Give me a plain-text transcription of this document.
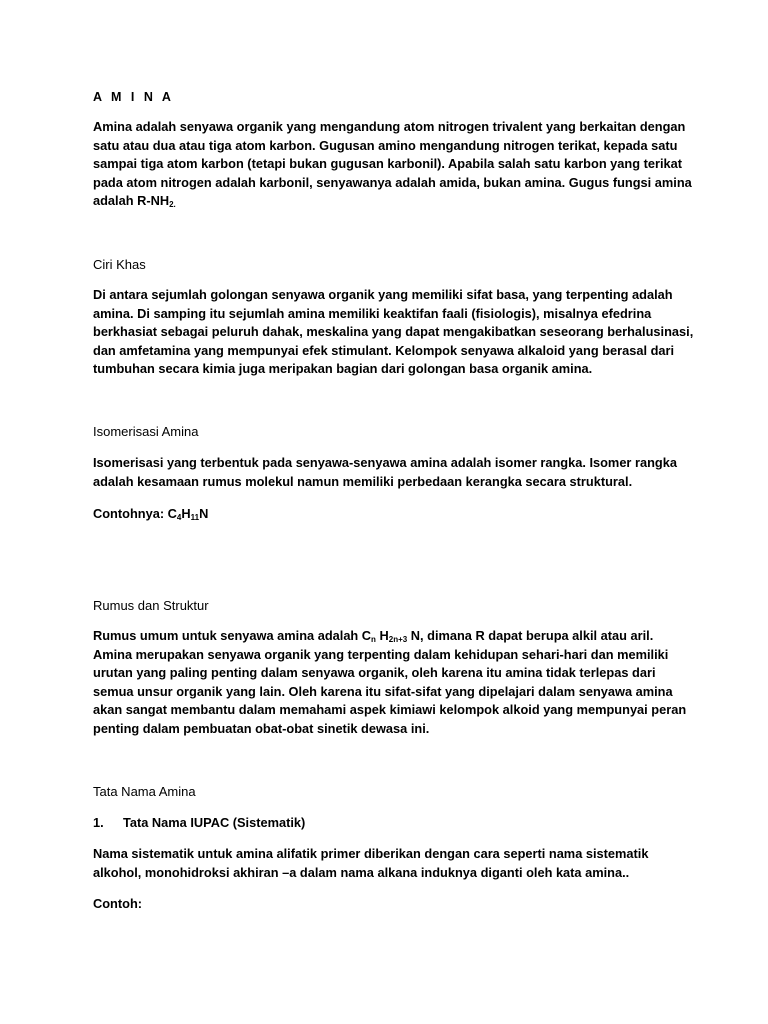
A M I N A
Amina adalah senyawa organik yang mengandung atom nitrogen trivalent yang berkaitan dengan
satu atau dua atau tiga atom karbon. Gugusan amino mengandung nitrogen terikat, kepada satu
sampai tiga atom karbon (tetapi bukan gugusan karbonil). Apabila salah satu karbon yang terikat
pada atom nitrogen adalah karbonil, senyawanya adalah amida, bukan amina. Gugus fungsi amina
adalah $R-NH_{2.}$
Ciri Khas
Di antara sejumlah golongan senyawa organik yang memiliki sifat basa, yang terpenting adalah
amina. Di samping itu sejumlah amina memiliki keaktifan faali (fisiologis), misalnya efedrina
berkhasiat sebagai peluruh dahak, meskalina yang dapat mengakibatkan seseorang berhalusinasi,
dan amfetamina yang mempunyai efek stimulant. Kelompok senyawa alkaloid yang berasal dari
tumbuhan secara kimia juga meripakan bagian dari golongan basa organik amina.
Isomerisasi Amina
Isomerisasi yang terbentuk pada senyawa-senyawa amina adalah isomer rangka. Isomer rangka
adalah kesamaan rumus molekul namun memiliki perbedaan kerangka secara struktural.
Contohnya: $C_4H_{11}N$
Rumus dan Struktur
Rumus umum untuk senyawa amina adalah $C_n$ $H_{2n+3}$ N, dimana R dapat berupa alkil atau aril.
Amina merupakan senyawa organik yang terpenting dalam kehidupan sehari-hari dan memiliki
urutan yang paling penting dalam senyawa organik, oleh karena itu amina tidak terlepas dari
semua unsur organik yang lain. Oleh karena itu sifat-sifat yang dipelajari dalam senyawa amina
akan sangat membantu dalam memahami aspek kimiawi kelompok alkoid yang mempunyai peran
penting dalam pembuatan obat-obat sinetik dewasa ini.
Tata Nama Amina
1. Tata Nama IUPAC (Sistematik)
Nama sistematik untuk amina alifatik primer diberikan dengan cara seperti nama sistematik
alkohol, monohidroksi akhiran –a dalam nama alkana induknya diganti oleh kata amina..
Contoh:
